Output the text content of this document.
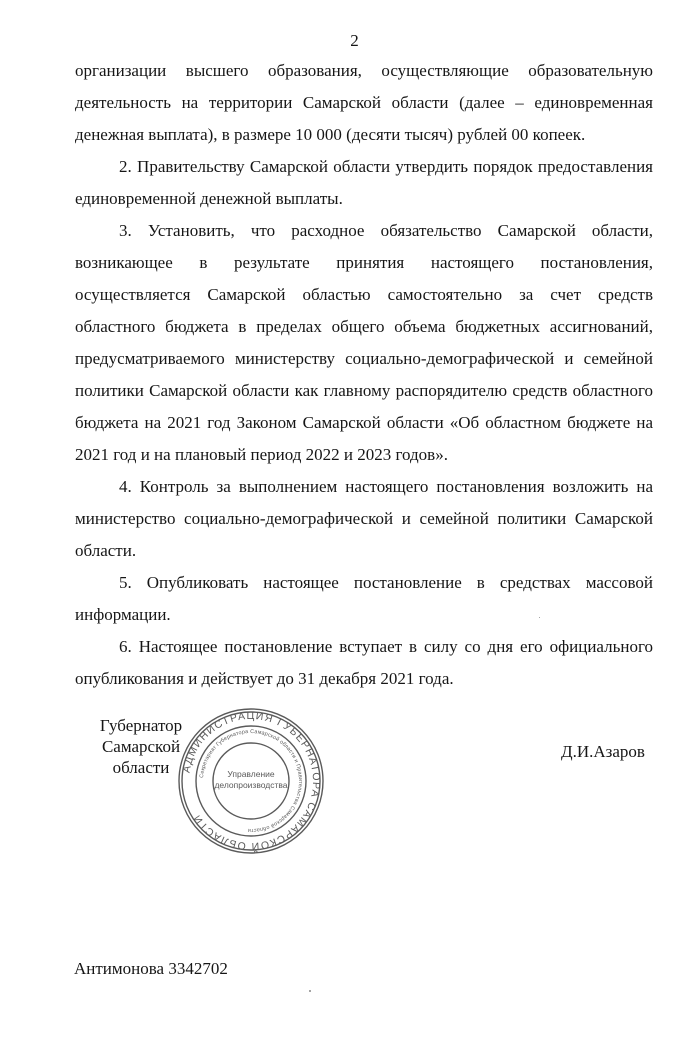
2

организации высшего образования, осуществляющие образовательную деятельность на территории Самарской области (далее – единовременная денежная выплата), в размере 10 000 (десяти тысяч) рублей 00 копеек.

2. Правительству Самарской области утвердить порядок предоставления единовременной денежной выплаты.

3. Установить, что расходное обязательство Самарской области, возникающее в результате принятия настоящего постановления, осуществляется Самарской областью самостоятельно за счет средств областного бюджета в пределах общего объема бюджетных ассигнований, предусматриваемого министерству социально-демографической и семейной политики Самарской области как главному распорядителю средств областного бюджета на 2021 год Законом Самарской области «Об областном бюджете на 2021 год и на плановый период 2022 и 2023 годов».

4. Контроль за выполнением настоящего постановления возложить на министерство социально-демографической и семейной политики Самарской области.

5. Опубликовать настоящее постановление в средствах массовой информации.

6. Настоящее постановление вступает в силу со дня его официального опубликования и действует до 31 декабря 2021 года.

Губернатор
Самарской области	АДМИНИСТРАЦИЯ ГУБЕРНАТОРА САМАРСКОЙ ОБЛАСТИ
Секретариат Губернатора Самарской области и Правительства Самарской области
Управление
делопроизводства
Д.И.Азаров
Антимонова 3342702
